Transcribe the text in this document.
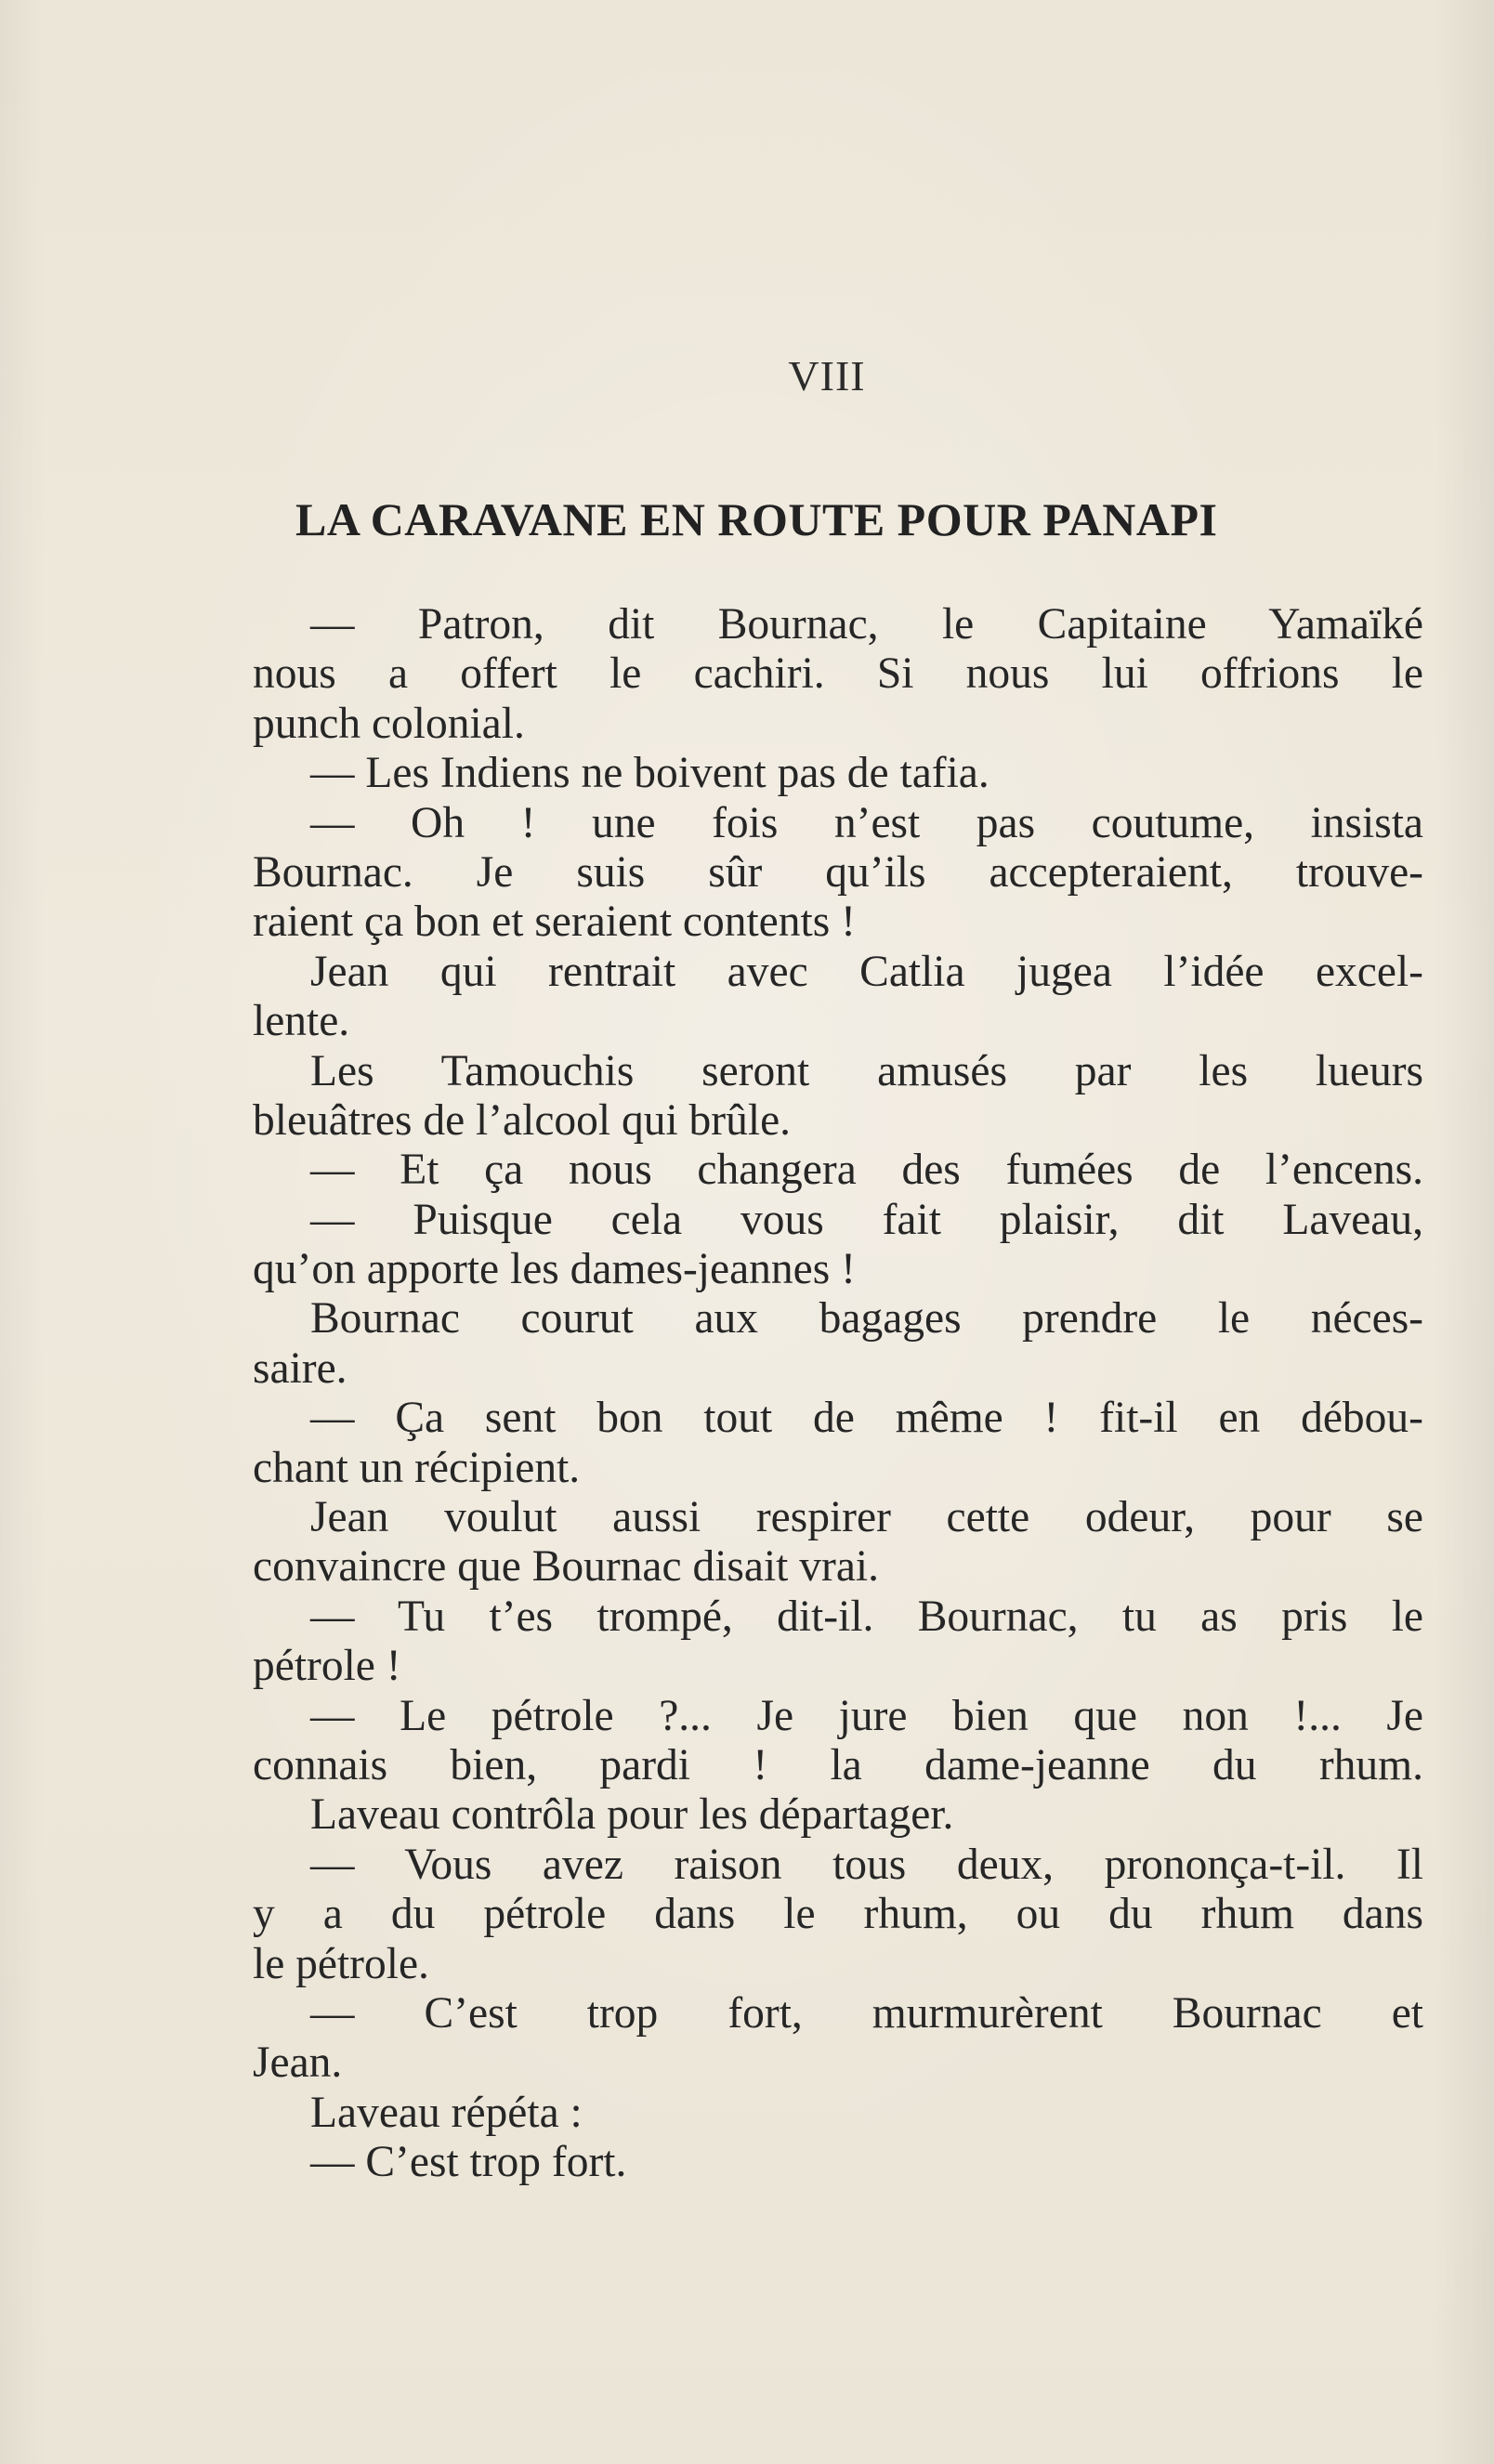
VIII
LA CARAVANE EN ROUTE POUR PANAPI
— Patron, dit Bournac, le Capitaine Yamaïké
nous a offert le cachiri. Si nous lui offrions le
punch colonial.
— Les Indiens ne boivent pas de tafia.
— Oh ! une fois n’est pas coutume, insista
Bournac. Je suis sûr qu’ils accepteraient, trouve-
raient ça bon et seraient contents !
Jean qui rentrait avec Catlia jugea l’idée excel-
lente.
Les Tamouchis seront amusés par les lueurs
bleuâtres de l’alcool qui brûle.
— Et ça nous changera des fumées de l’encens.
— Puisque cela vous fait plaisir, dit Laveau,
qu’on apporte les dames-jeannes !
Bournac courut aux bagages prendre le néces-
saire.
— Ça sent bon tout de même ! fit-il en débou-
chant un récipient.
Jean voulut aussi respirer cette odeur, pour se
convaincre que Bournac disait vrai.
— Tu t’es trompé, dit-il. Bournac, tu as pris le
pétrole !
— Le pétrole ?... Je jure bien que non !... Je
connais bien, pardi ! la dame-jeanne du rhum.
Laveau contrôla pour les départager.
— Vous avez raison tous deux, prononça-t-il. Il
y a du pétrole dans le rhum, ou du rhum dans
le pétrole.
— C’est trop fort, murmurèrent Bournac et
Jean.
Laveau répéta :
— C’est trop fort.
